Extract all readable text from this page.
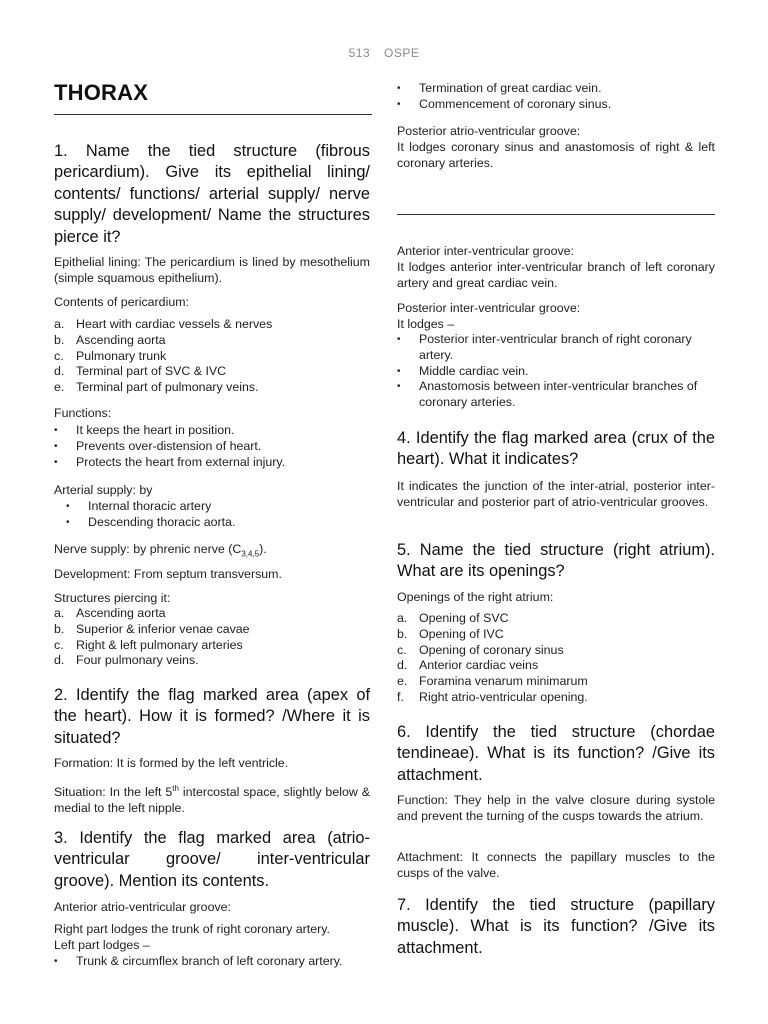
513 OSPE
THORAX
1. Name the tied structure (fibrous pericardium). Give its epithelial lining/ contents/ functions/ arterial supply/ nerve supply/ development/ Name the structures pierce it?
Epithelial lining: The pericardium is lined by mesothelium (simple squamous epithelium).
Contents of pericardium:
a. Heart with cardiac vessels & nerves
b. Ascending aorta
c. Pulmonary trunk
d. Terminal part of SVC & IVC
e. Terminal part of pulmonary veins.
Functions:
•	It keeps the heart in position.
•	Prevents over-distension of heart.
•	Protects the heart from external injury.
Arterial supply: by
•	Internal thoracic artery
•	Descending thoracic aorta.
Nerve supply: by phrenic nerve $(C_{3,4,5})$.
Development: From septum transversum.
Structures piercing it:
a. Ascending aorta
b. Superior & inferior venae cavae
c. Right & left pulmonary arteries
d. Four pulmonary veins.
2. Identify the flag marked area (apex of the heart). How it is formed? /Where it is situated?
Formation: It is formed by the left ventricle.
Situation: In the left 5th intercostal space, slightly below & medial to the left nipple.
3. Identify the flag marked area (atrio-ventricular groove/ inter-ventricular groove). Mention its contents.
Anterior atrio-ventricular groove:
Right part lodges the trunk of right coronary artery.
Left part lodges –
•	Trunk & circumflex branch of left coronary artery.
•	Termination of great cardiac vein.
•	Commencement of coronary sinus.
Posterior atrio-ventricular groove:
It lodges coronary sinus and anastomosis of right & left coronary arteries.
Anterior inter-ventricular groove:
It lodges anterior inter-ventricular branch of left coronary artery and great cardiac vein.
Posterior inter-ventricular groove:
It lodges –
•	Posterior inter-ventricular branch of right coronary artery.
•	Middle cardiac vein.
•	Anastomosis between inter-ventricular branches of coronary arteries.
4. Identify the flag marked area (crux of the heart). What it indicates?
It indicates the junction of the inter-atrial, posterior inter-ventricular and posterior part of atrio-ventricular grooves.
5. Name the tied structure (right atrium). What are its openings?
Openings of the right atrium:
a. Opening of SVC
b. Opening of IVC
c. Opening of coronary sinus
d. Anterior cardiac veins
e. Foramina venarum minimarum
f.	Right atrio-ventricular opening.
6. Identify the tied structure (chordae tendineae). What is its function? /Give its attachment.
Function: They help in the valve closure during systole and prevent the turning of the cusps towards the atrium.
Attachment: It connects the papillary muscles to the cusps of the valve.
7. Identify the tied structure (papillary muscle). What is its function? /Give its attachment.
